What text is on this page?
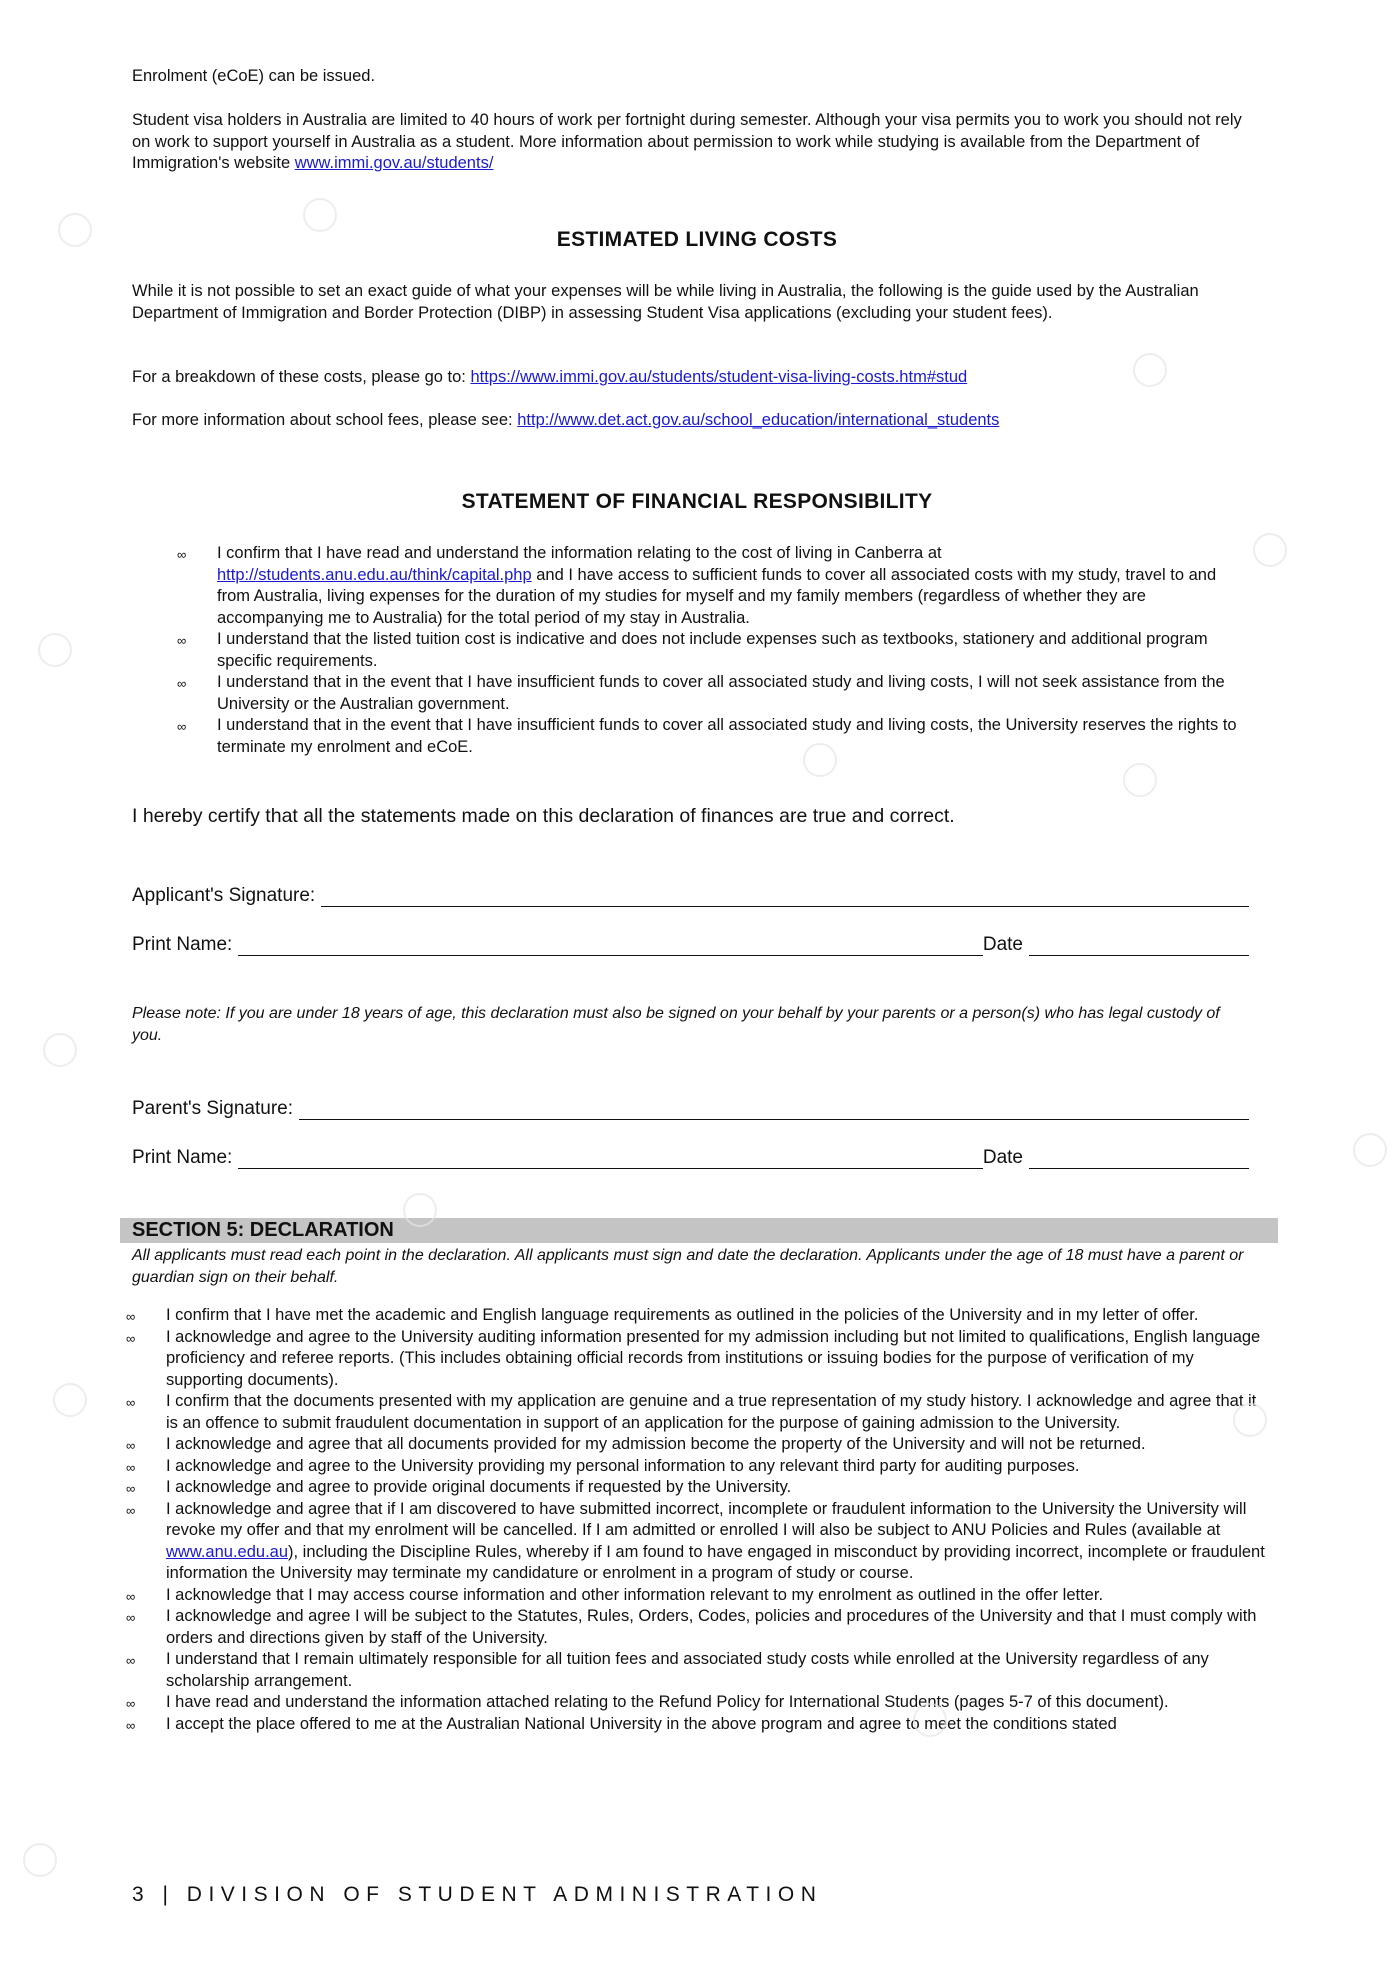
Enrolment (eCoE) can be issued.
Student visa holders in Australia are limited to 40 hours of work per fortnight during semester. Although your visa permits you to work you should not rely on work to support yourself in Australia as a student. More information about permission to work while studying is available from the Department of Immigration's website www.immi.gov.au/students/
ESTIMATED LIVING COSTS
While it is not possible to set an exact guide of what your expenses will be while living in Australia, the following is the guide used by the Australian Department of Immigration and Border Protection (DIBP) in assessing Student Visa applications (excluding your student fees).
For a breakdown of these costs, please go to: https://www.immi.gov.au/students/student-visa-living-costs.htm#stud
For more information about school fees, please see: http://www.det.act.gov.au/school_education/international_students
STATEMENT OF FINANCIAL RESPONSIBILITY
∞ I confirm that I have read and understand the information relating to the cost of living in Canberra at http://students.anu.edu.au/think/capital.php and I have access to sufficient funds to cover all associated costs with my study, travel to and from Australia, living expenses for the duration of my studies for myself and my family members (regardless of whether they are accompanying me to Australia) for the total period of my stay in Australia.
∞ I understand that the listed tuition cost is indicative and does not include expenses such as textbooks, stationery and additional program specific requirements.
∞ I understand that in the event that I have insufficient funds to cover all associated study and living costs, I will not seek assistance from the University or the Australian government.
∞ I understand that in the event that I have insufficient funds to cover all associated study and living costs, the University reserves the rights to terminate my enrolment and eCoE.
I hereby certify that all the statements made on this declaration of finances are true and correct.
Applicant's Signature:
Print Name:	Date
Please note: If you are under 18 years of age, this declaration must also be signed on your behalf by your parents or a person(s) who has legal custody of you.
Parent's Signature:
Print Name:	Date
SECTION 5: DECLARATION
All applicants must read each point in the declaration. All applicants must sign and date the declaration. Applicants under the age of 18 must have a parent or guardian sign on their behalf.
∞ I confirm that I have met the academic and English language requirements as outlined in the policies of the University and in my letter of offer.
∞ I acknowledge and agree to the University auditing information presented for my admission including but not limited to qualifications, English language proficiency and referee reports. (This includes obtaining official records from institutions or issuing bodies for the purpose of verification of my supporting documents).
∞ I confirm that the documents presented with my application are genuine and a true representation of my study history. I acknowledge and agree that it is an offence to submit fraudulent documentation in support of an application for the purpose of gaining admission to the University.
∞ I acknowledge and agree that all documents provided for my admission become the property of the University and will not be returned.
∞ I acknowledge and agree to the University providing my personal information to any relevant third party for auditing purposes.
∞ I acknowledge and agree to provide original documents if requested by the University.
∞ I acknowledge and agree that if I am discovered to have submitted incorrect, incomplete or fraudulent information to the University the University will revoke my offer and that my enrolment will be cancelled. If I am admitted or enrolled I will also be subject to ANU Policies and Rules (available at www.anu.edu.au), including the Discipline Rules, whereby if I am found to have engaged in misconduct by providing incorrect, incomplete or fraudulent information the University may terminate my candidature or enrolment in a program of study or course.
∞ I acknowledge that I may access course information and other information relevant to my enrolment as outlined in the offer letter.
∞ I acknowledge and agree I will be subject to the Statutes, Rules, Orders, Codes, policies and procedures of the University and that I must comply with orders and directions given by staff of the University.
∞ I understand that I remain ultimately responsible for all tuition fees and associated study costs while enrolled at the University regardless of any scholarship arrangement.
∞ I have read and understand the information attached relating to the Refund Policy for International Students (pages 5-7 of this document).
∞ I accept the place offered to me at the Australian National University in the above program and agree to meet the conditions stated
3 | DIVISION OF STUDENT ADMINISTRATION
